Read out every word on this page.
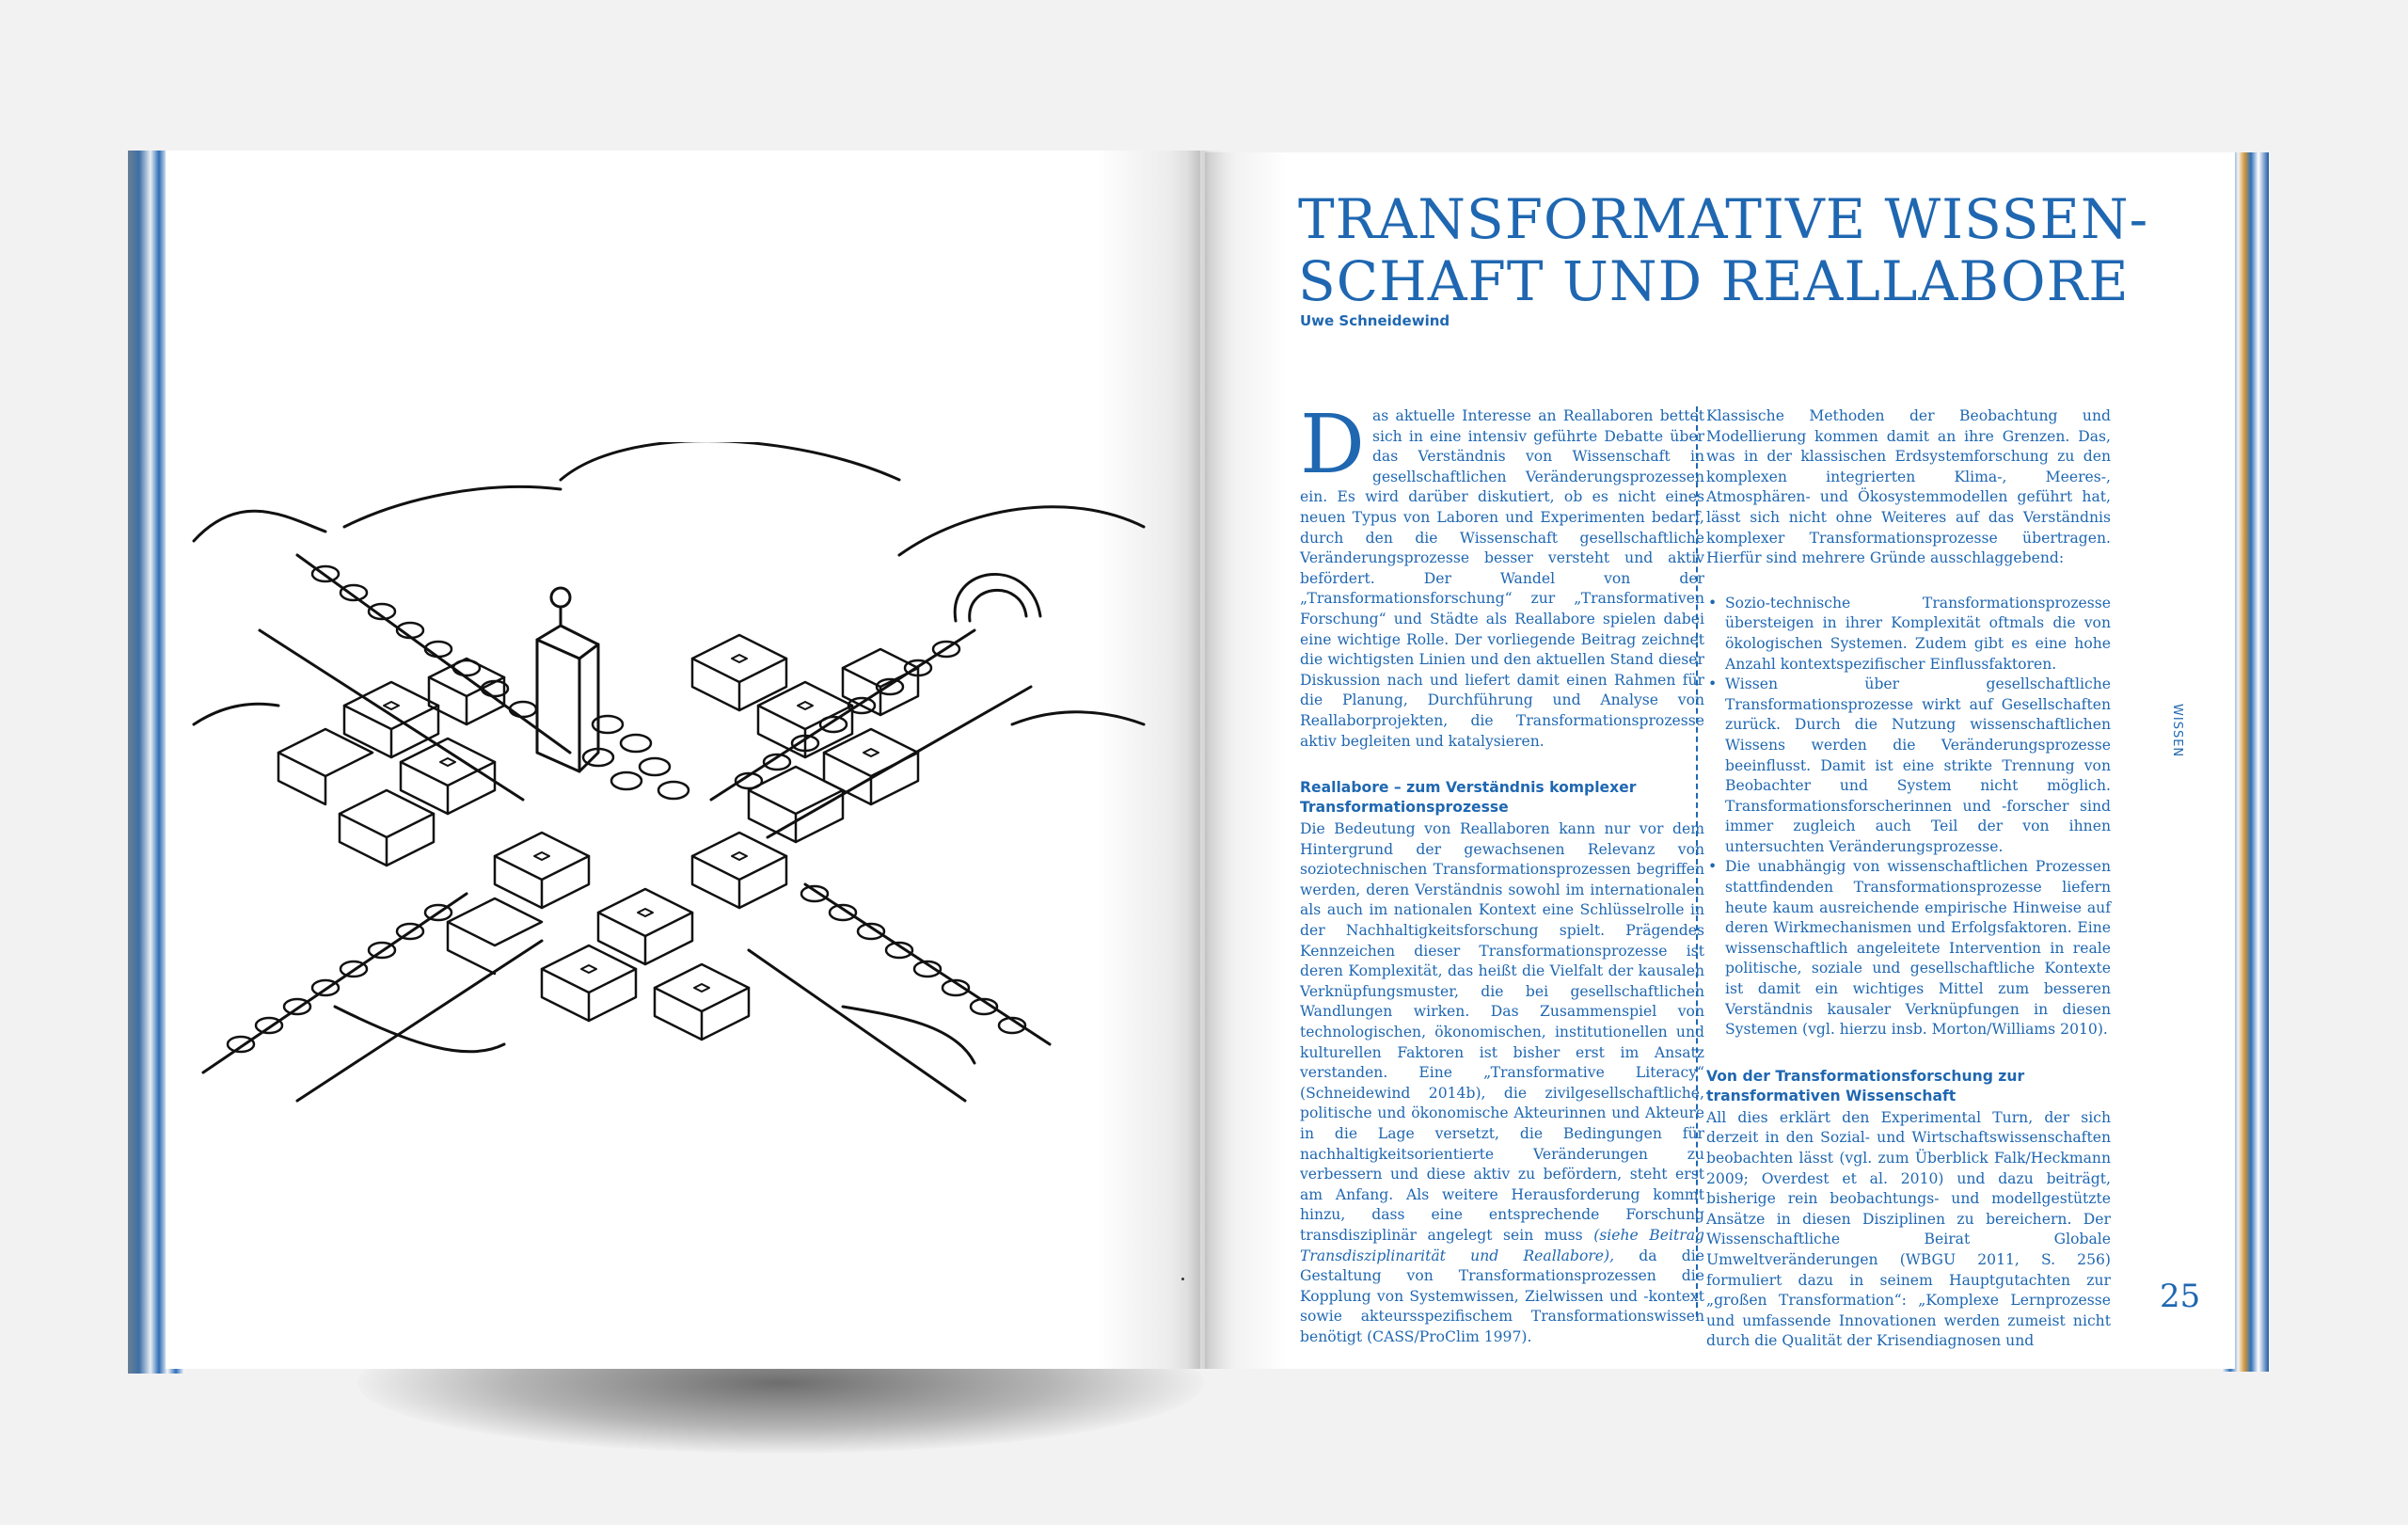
TRANSFORMATIVE WISSEN-
SCHAFT UND REALLABORE
Uwe Schneidewind

Das aktuelle Interesse an Reallaboren bettet sich in eine intensiv geführte Debatte über das Verständnis von Wissenschaft in gesellschaftlichen Veränderungsprozessen ein. Es wird darüber diskutiert, ob es nicht eines neuen Typus von Laboren und Experimenten bedarf, durch den die Wissenschaft gesellschaftliche Veränderungsprozesse besser versteht und aktiv befördert. Der Wandel von der „Transformationsforschung“ zur „Transformativen Forschung“ und Städte als Reallabore spielen dabei eine wichtige Rolle. Der vorliegende Beitrag zeichnet die wichtigsten Linien und den aktuellen Stand dieser Diskussion nach und liefert damit einen Rahmen für die Planung, Durchführung und Analyse von Reallaborprojekten, die Transformationsprozesse aktiv begleiten und katalysieren.

Reallabore – zum Verständnis komplexer Transformationsprozesse

Die Bedeutung von Reallaboren kann nur vor dem Hintergrund der gewachsenen Relevanz von soziotechnischen Transformationsprozessen begriffen werden, deren Verständnis sowohl im internationalen als auch im nationalen Kontext eine Schlüsselrolle in der Nachhaltigkeitsforschung spielt. Prägendes Kennzeichen dieser Transformationsprozesse ist deren Komplexität, das heißt die Vielfalt der kausalen Verknüpfungsmuster, die bei gesellschaftlichen Wandlungen wirken. Das Zusammenspiel von technologischen, ökonomischen, institutionellen und kulturellen Faktoren ist bisher erst im Ansatz verstanden. Eine „Transformative Literacy“ (Schneidewind 2014b), die zivilgesellschaftliche, politische und ökonomische Akteurinnen und Akteure in die Lage versetzt, die Bedingungen für nachhaltigkeitsorientierte Veränderungen zu verbessern und diese aktiv zu befördern, steht erst am Anfang. Als weitere Herausforderung kommt hinzu, dass eine entsprechende Forschung transdisziplinär angelegt sein muss (siehe Beitrag Transdisziplinarität und Reallabore), da die Gestaltung von Transformationsprozessen die Kopplung von Systemwissen, Zielwissen und -kontext sowie akteursspezifischem Transformationswissen benötigt (CASS/ProClim 1997).

Klassische Methoden der Beobachtung und Modellierung kommen damit an ihre Grenzen. Das, was in der klassischen Erdsystemforschung zu den komplexen integrierten Klima-, Meeres-, Atmosphären- und Ökosystemmodellen geführt hat, lässt sich nicht ohne Weiteres auf das Verständnis komplexer Transformationsprozesse übertragen. Hierfür sind mehrere Gründe ausschlaggebend:

• Sozio-technische Transformationsprozesse übersteigen in ihrer Komplexität oftmals die von ökologischen Systemen. Zudem gibt es eine hohe Anzahl kontextspezifischer Einflussfaktoren.
• Wissen über gesellschaftliche Transformationsprozesse wirkt auf Gesellschaften zurück. Durch die Nutzung wissenschaftlichen Wissens werden die Veränderungsprozesse beeinflusst. Damit ist eine strikte Trennung von Beobachter und System nicht möglich. Transformationsforscherinnen und -forscher sind immer zugleich auch Teil der von ihnen untersuchten Veränderungsprozesse.
• Die unabhängig von wissenschaftlichen Prozessen stattfindenden Transformationsprozesse liefern heute kaum ausreichende empirische Hinweise auf deren Wirkmechanismen und Erfolgsfaktoren. Eine wissenschaftlich angeleitete Intervention in reale politische, soziale und gesellschaftliche Kontexte ist damit ein wichtiges Mittel zum besseren Verständnis kausaler Verknüpfungen in diesen Systemen (vgl. hierzu insb. Morton/Williams 2010).
Von der Transformationsforschung zur transformativen Wissenschaft

All dies erklärt den Experimental Turn, der sich derzeit in den Sozial- und Wirtschaftswissenschaften beobachten lässt (vgl. zum Überblick Falk/Heckmann 2009; Overdest et al. 2010) und dazu beiträgt, bisherige rein beobachtungs- und modellgestützte Ansätze in diesen Disziplinen zu bereichern. Der Wissenschaftliche Beirat Globale Umweltveränderungen (WBGU 2011, S. 256) formuliert dazu in seinem Hauptgutachten zur „großen Transformation“: „Komplexe Lernprozesse und umfassende Innovationen werden zumeist nicht durch die Qualität der Krisendiagnosen und

WISSEN
25
